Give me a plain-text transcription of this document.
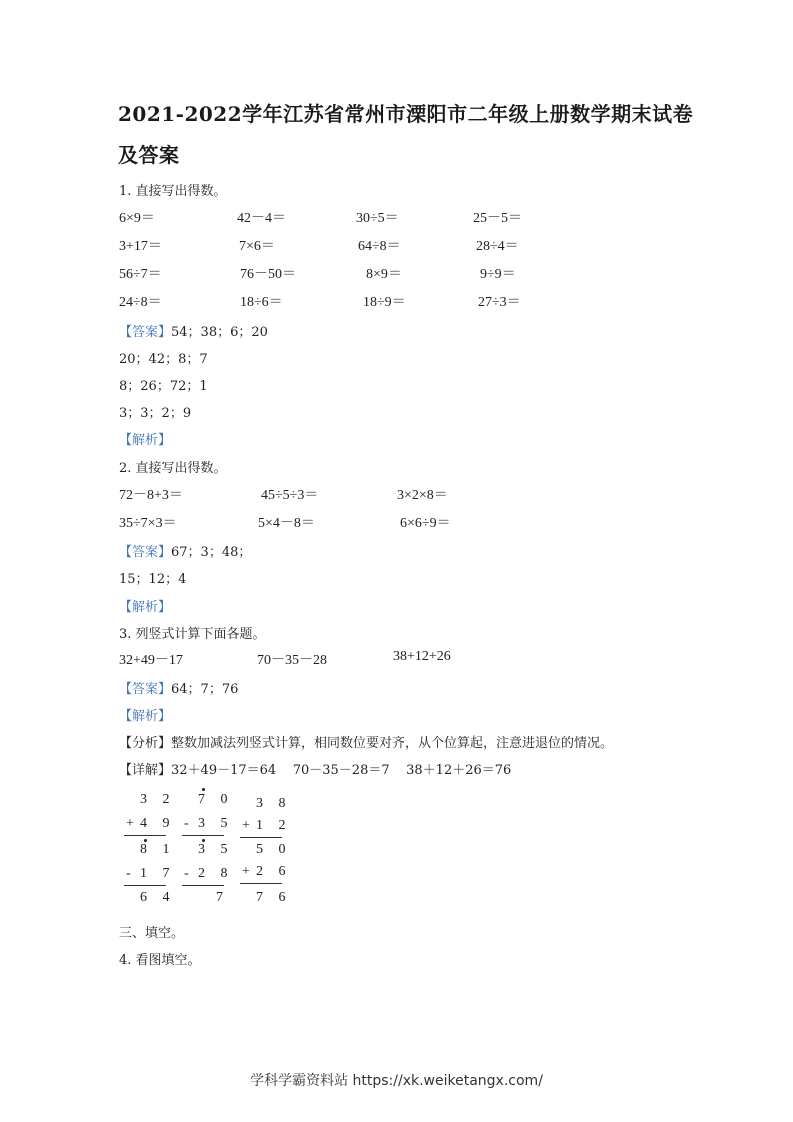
2021-2022学年江苏省常州市溧阳市二年级上册数学期末试卷及答案
1. 直接写出得数。
6×9＝	42－4＝	30÷5＝	25－5＝
3+17＝	7×6＝	64÷8＝	28÷4＝
56÷7＝	76－50＝	8×9＝	9÷9＝
24÷8＝	18÷6＝	18÷9＝	27÷3＝
【答案】54；38；6；20
20；42；8；7
8；26；72；1
3；3；2；9
【解析】
2. 直接写出得数。
72－8+3＝	45÷5÷3＝	3×2×8＝
35÷7×3＝	5×4－8＝	6×6÷9＝
【答案】67；3；48；
15；12；4
【解析】
3. 列竖式计算下面各题。
32+49－17	70－35－28	38+12+26
【答案】64；7；76
【解析】
【分析】整数加减法列竖式计算，相同数位要对齐，从个位算起，注意进退位的情况。
【详解】32＋49－17＝64    70－35－28＝7    38＋12＋26＝76
3 2
+ 4 9
8 1
- 1 7
6 4
7 0
- 3 5
3 5
- 2 8
7
3 8
+ 1 2
5 0
+ 2 6
7 6
三、填空。
4. 看图填空。
学科学霸资料站 https://xk.weiketangx.com/
